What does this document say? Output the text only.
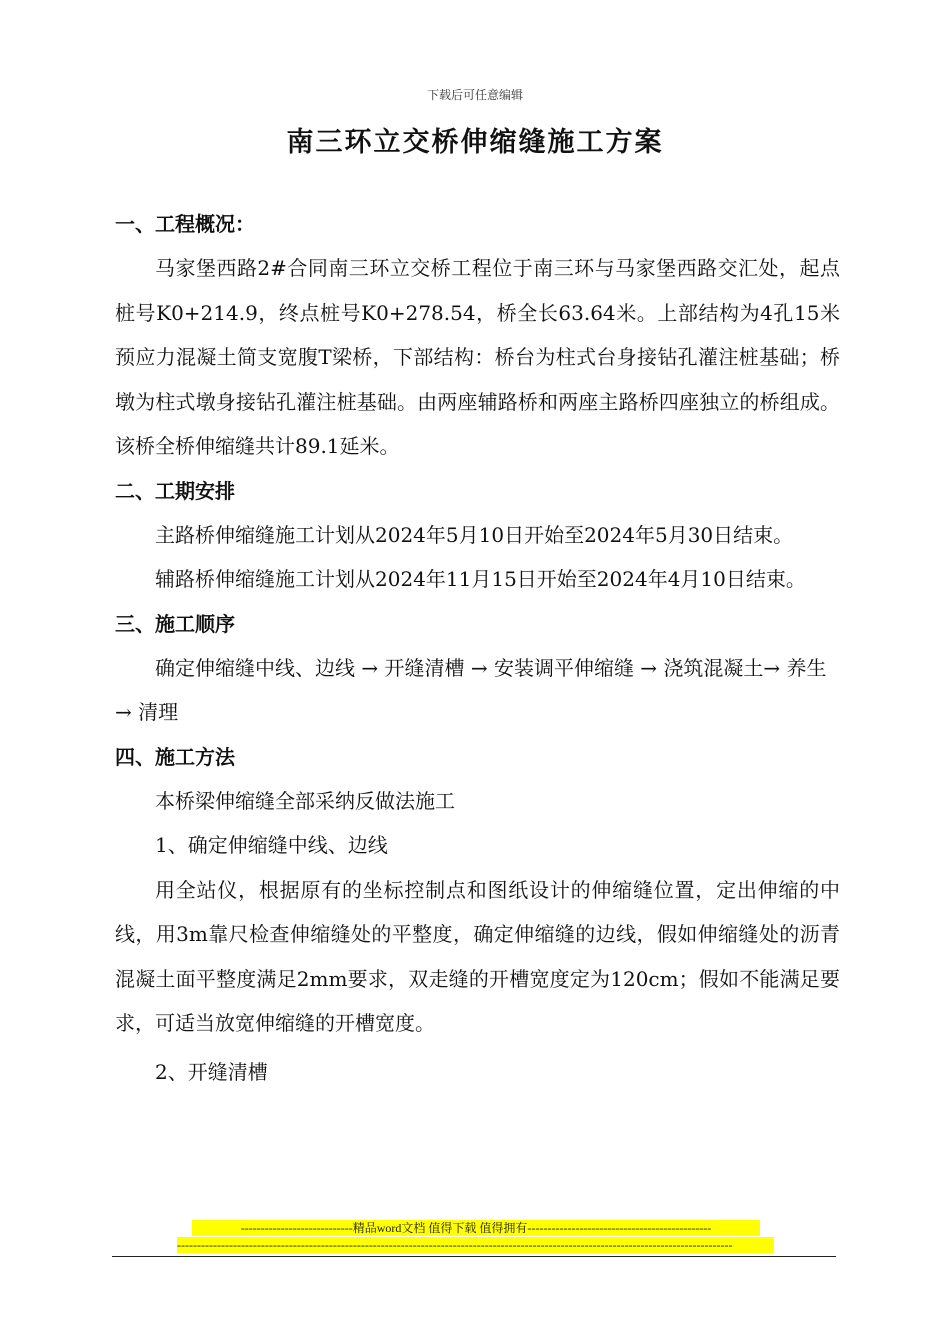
下载后可任意编辑
南三环立交桥伸缩缝施工方案

一、工程概况：

马家堡西路2#合同南三环立交桥工程位于南三环与马家堡西路交汇处，起点桩号K0+214.9，终点桩号K0+278.54，桥全长63.64米。上部结构为4孔15米预应力混凝土简支宽腹T梁桥，下部结构：桥台为柱式台身接钻孔灌注桩基础；桥墩为柱式墩身接钻孔灌注桩基础。由两座辅路桥和两座主路桥四座独立的桥组成。该桥全桥伸缩缝共计89.1延米。

二、工期安排

主路桥伸缩缝施工计划从2024年5月10日开始至2024年5月30日结束。

辅路桥伸缩缝施工计划从2024年11月15日开始至2024年4月10日结束。

三、施工顺序

确定伸缩缝中线、边线 → 开缝清槽 → 安装调平伸缩缝 → 浇筑混凝土→ 养生 → 清理

四、施工方法

本桥梁伸缩缝全部采纳反做法施工

1、确定伸缩缝中线、边线

用全站仪，根据原有的坐标控制点和图纸设计的伸缩缝位置，定出伸缩的中线，用3m靠尺检查伸缩缝处的平整度，确定伸缩缝的边线，假如伸缩缝处的沥青混凝土面平整度满足2mm要求，双走缝的开槽宽度定为120cm；假如不能满足要求，可适当放宽伸缩缝的开槽宽度。

2、开缝清槽

----------------------------精品word文档 值得下载 值得拥有----------------------------------------------
-------------------------------------------------------------------------------------------------------------------------------------------
